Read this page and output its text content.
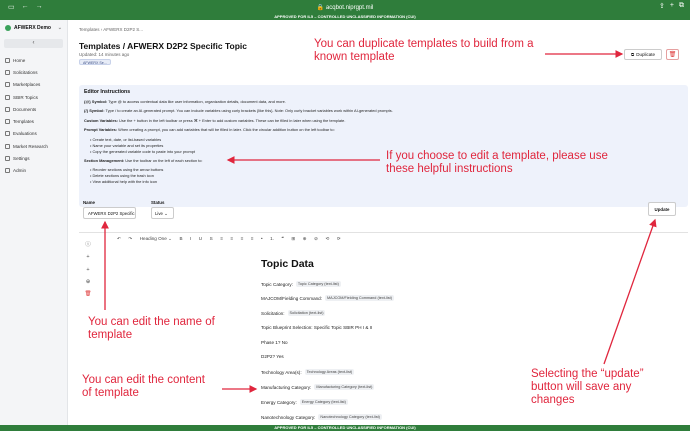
▭ ← →	🔒 acqbot.niprgpt.mil	⇪ + ⧉
APPROVED FOR IL5 – CONTROLLED UNCLASSIFIED INFORMATION (CUI)
AFWERX Demo ⌄
‹
Home
Solicitations
Marketplaces
SBIR Topics
Documents
Templates
Evaluations
Market Research
Settings
Admin
Templates › AFWERX D2P2 S...
Templates / AFWERX D2P2 Specific Topic
Updated: 14 minutes ago
AFWERX Se...
⧉ Duplicate 🗑
Editor Instructions

{@} Symbol: Type @ to access contextual data like user information, organization details, document data, and more.

{/} Symbol: Type / to create an AI-generated prompt. You can include variables using curly brackets {like this}. Note: Only curly bracket variables work within AI-generated prompts.

Custom Variables: Use the + button in the left toolbar or press ⌘ + Enter to add custom variables. These can be filled in later when using the template.

Prompt Variables: When creating a prompt, you can add variables that will be filled in later. Click the circular addition button on the left toolbar to:

• Create text, date, or list-based variables

• Name your variable and set its properties

• Copy the generated variable code to paste into your prompt

Section Management: Use the toolbar on the left of each section to:

• Reorder sections using the arrow buttons

• Delete sections using the trash icon

• View additional help with the info icon

Name
AFWERX D2P2 Specific
Status
Live ⌄
Update
↶ ↷ Heading One ⌄ B I U S ≡ ≡ ≡ ≡ • 1. ❝ ⊞ ⊕ ⊘ ⟲ ⟳
ⓘ
+
+
⊕
🗑
Topic Data
Topic Category:	Topic Category (text-list)
MAJCOM/Fielding Command:	MAJCOM/Fielding Command (text-list)
Solicitation:	Solicitation (text-list)
Topic Blueprint Selection: Specific Topic SBIR PH I & II
Phase 1? No
D2P2? Yes
Technology Area(s):	Technology Areas (text-list)
Manufacturing Category:	Manufacturing Category (text-list)
Energy Category:	Energy Category (text-list)
Nanotechnology Category:	Nanotechnology Category (text-list)
APPROVED FOR IL5 – CONTROLLED UNCLASSIFIED INFORMATION (CUI)
You can duplicate templates to build from a known template
If you choose to edit a template, please use these helpful instructions
You can edit the name of template
You can edit the content of template
Selecting the “update” button will save any changes
